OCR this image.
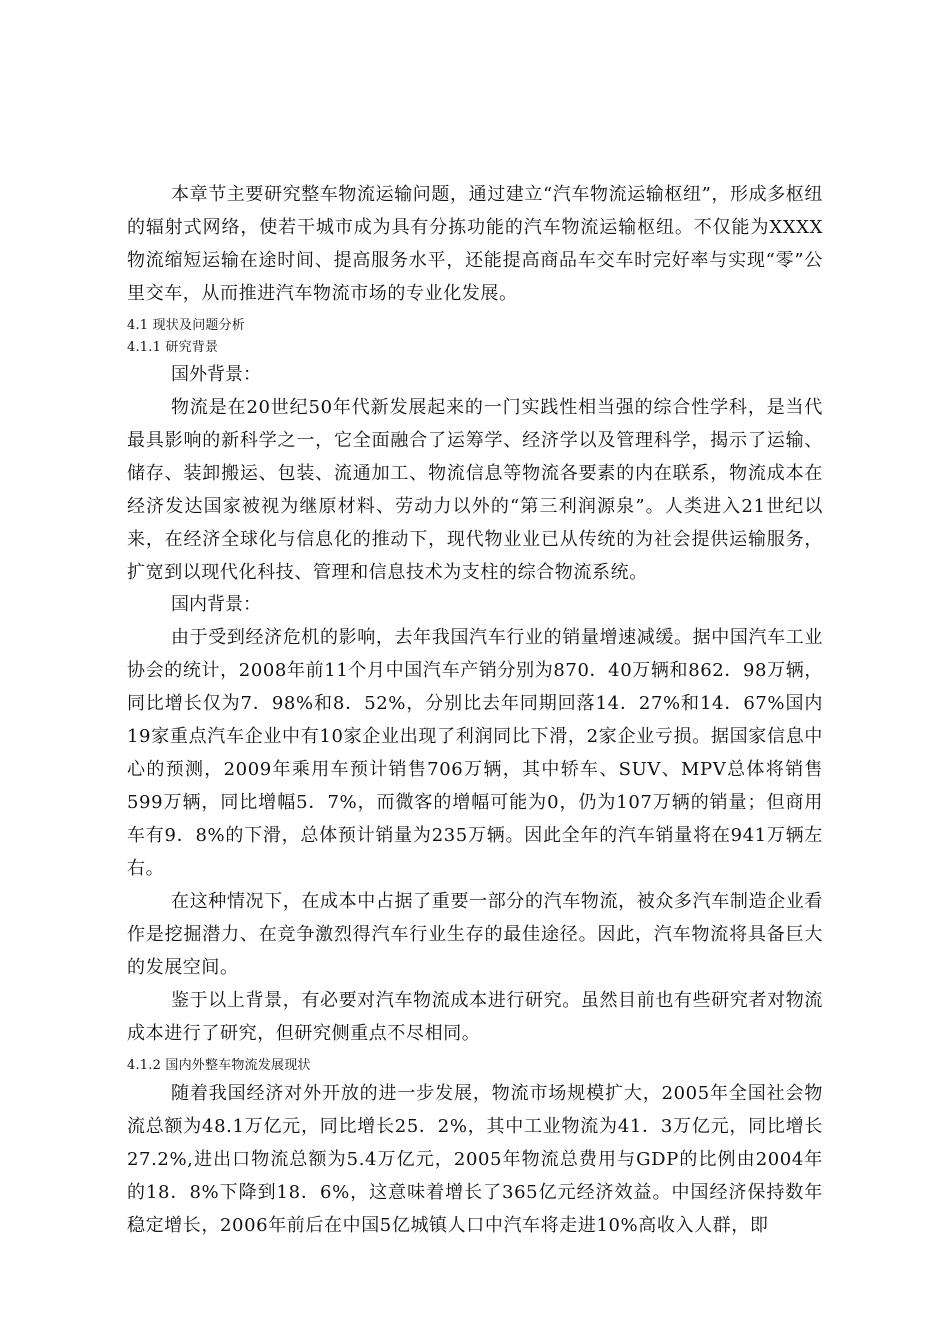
本章节主要研究整车物流运输问题，通过建立“汽车物流运输枢纽”，形成多枢纽的辐射式网络，使若干城市成为具有分拣功能的汽车物流运输枢纽。不仅能为XXXX物流缩短运输在途时间、提高服务水平，还能提高商品车交车时完好率与实现“零”公里交车，从而推进汽车物流市场的专业化发展。

4.1 现状及问题分析

4.1.1 研究背景

国外背景：

物流是在20世纪50年代新发展起来的一门实践性相当强的综合性学科，是当代最具影响的新科学之一，它全面融合了运筹学、经济学以及管理科学，揭示了运输、储存、装卸搬运、包装、流通加工、物流信息等物流各要素的内在联系，物流成本在经济发达国家被视为继原材料、劳动力以外的“第三利润源泉”。人类进入21世纪以来，在经济全球化与信息化的推动下，现代物业业已从传统的为社会提供运输服务，扩宽到以现代化科技、管理和信息技术为支柱的综合物流系统。

国内背景：

由于受到经济危机的影响，去年我国汽车行业的销量增速减缓。据中国汽车工业协会的统计，2008年前11个月中国汽车产销分别为870．40万辆和862．98万辆，同比增长仅为7．98%和8．52%，分别比去年同期回落14．27%和14．67%国内19家重点汽车企业中有10家企业出现了利润同比下滑，2家企业亏损。据国家信息中心的预测，2009年乘用车预计销售706万辆，其中轿车、SUV、MPV总体将销售599万辆，同比增幅5．7%，而微客的增幅可能为0，仍为107万辆的销量；但商用车有9．8%的下滑，总体预计销量为235万辆。因此全年的汽车销量将在941万辆左右。

在这种情况下，在成本中占据了重要一部分的汽车物流，被众多汽车制造企业看作是挖掘潜力、在竞争激烈得汽车行业生存的最佳途径。因此，汽车物流将具备巨大的发展空间。

鉴于以上背景，有必要对汽车物流成本进行研究。虽然目前也有些研究者对物流成本进行了研究，但研究侧重点不尽相同。

4.1.2 国内外整车物流发展现状

随着我国经济对外开放的进一步发展，物流市场规模扩大，2005年全国社会物流总额为48.1万亿元，同比增长25．2%，其中工业物流为41．3万亿元，同比增长27.2%,进出口物流总额为5.4万亿元，2005年物流总费用与GDP的比例由2004年的18．8%下降到18．6%，这意味着增长了365亿元经济效益。中国经济保持数年稳定增长，2006年前后在中国5亿城镇人口中汽车将走进10%高收入人群，即
